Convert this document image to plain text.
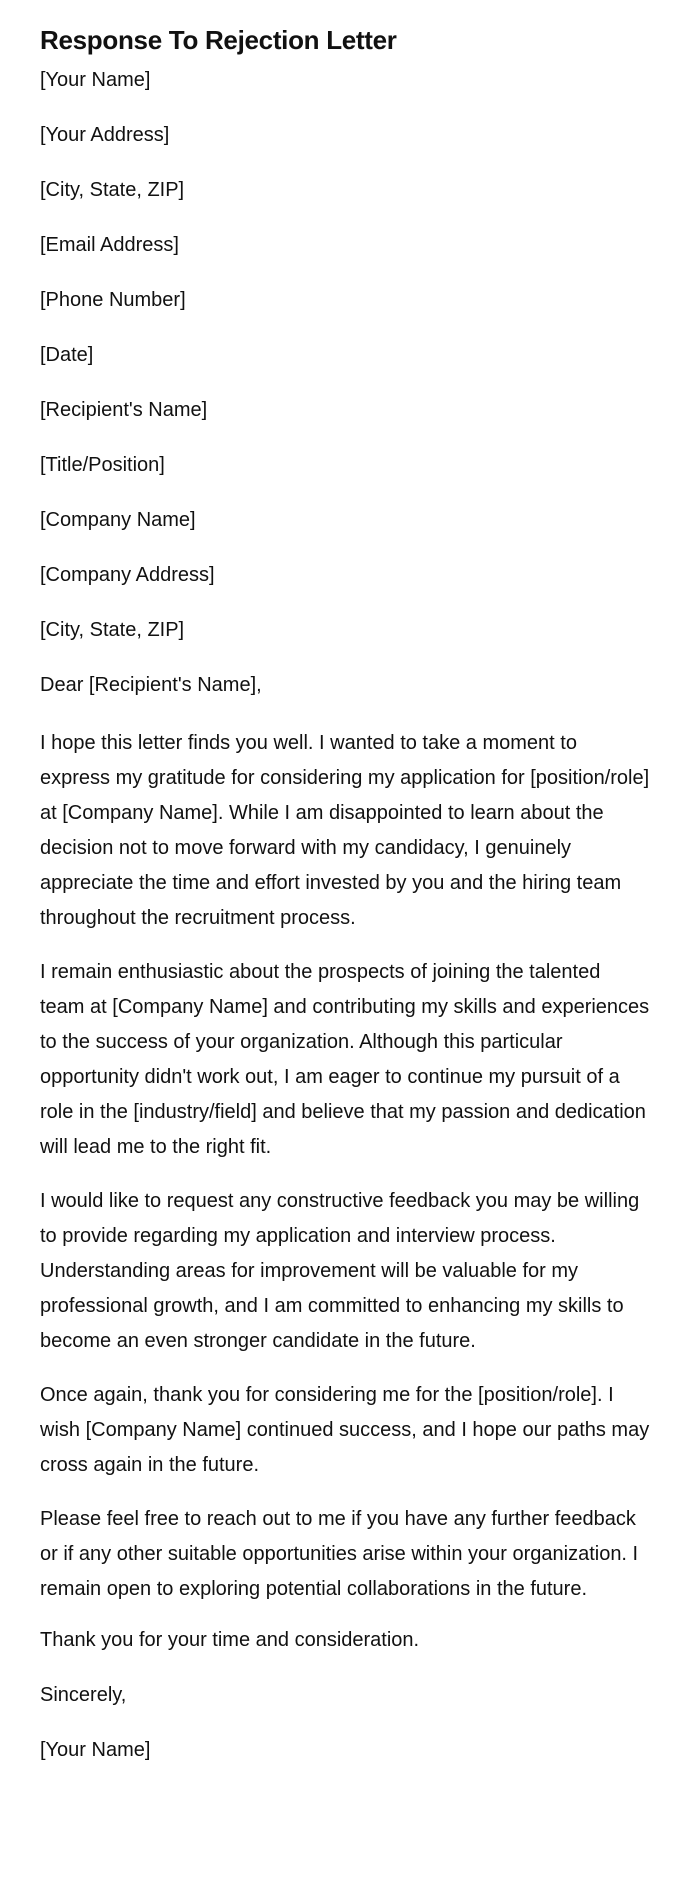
Response To Rejection Letter
[Your Name]
[Your Address]
[City, State, ZIP]
[Email Address]
[Phone Number]
[Date]
[Recipient's Name]
[Title/Position]
[Company Name]
[Company Address]
[City, State, ZIP]
Dear [Recipient's Name],

I hope this letter finds you well. I wanted to take a moment to express my gratitude for considering my application for [position/role] at [Company Name]. While I am disappointed to learn about the decision not to move forward with my candidacy, I genuinely appreciate the time and effort invested by you and the hiring team throughout the recruitment process.

I remain enthusiastic about the prospects of joining the talented team at [Company Name] and contributing my skills and experiences to the success of your organization. Although this particular opportunity didn't work out, I am eager to continue my pursuit of a role in the [industry/field] and believe that my passion and dedication will lead me to the right fit.

I would like to request any constructive feedback you may be willing to provide regarding my application and interview process. Understanding areas for improvement will be valuable for my professional growth, and I am committed to enhancing my skills to become an even stronger candidate in the future.

Once again, thank you for considering me for the [position/role]. I wish [Company Name] continued success, and I hope our paths may cross again in the future.

Please feel free to reach out to me if you have any further feedback or if any other suitable opportunities arise within your organization. I remain open to exploring potential collaborations in the future.

Thank you for your time and consideration.
Sincerely,
[Your Name]
